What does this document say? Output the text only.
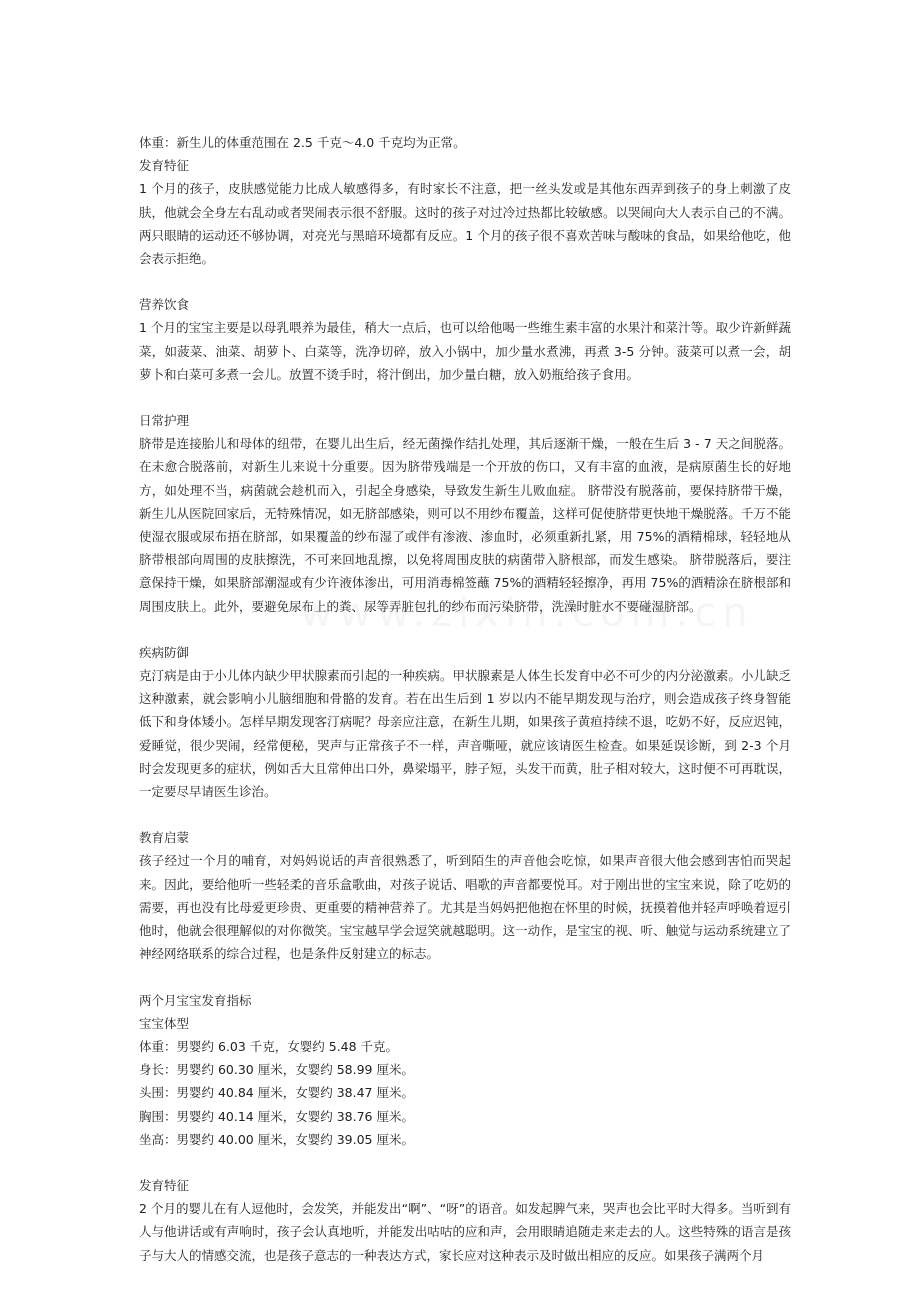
体重：新生儿的体重范围在 2.5 千克～4.0 千克均为正常。

发育特征

1 个月的孩子，皮肤感觉能力比成人敏感得多，有时家长不注意，把一丝头发或是其他东西弄到孩子的身上刺激了皮肤，他就会全身左右乱动或者哭闹表示很不舒服。这时的孩子对过冷过热都比较敏感。以哭闹向大人表示自己的不满。两只眼睛的运动还不够协调，对亮光与黑暗环境都有反应。1 个月的孩子很不喜欢苦味与酸味的食品，如果给他吃，他会表示拒绝。

营养饮食

1 个月的宝宝主要是以母乳喂养为最佳，稍大一点后，也可以给他喝一些维生素丰富的水果汁和菜汁等。取少许新鲜蔬菜，如菠菜、油菜、胡萝卜、白菜等，洗净切碎，放入小锅中，加少量水煮沸，再煮 3-5 分钟。菠菜可以煮一会，胡萝卜和白菜可多煮一会儿。放置不烫手时，将汁倒出，加少量白糖，放入奶瓶给孩子食用。

日常护理

脐带是连接胎儿和母体的纽带，在婴儿出生后，经无菌操作结扎处理，其后逐渐干燥，一般在生后 3 - 7 天之间脱落。在未愈合脱落前，对新生儿来说十分重要。因为脐带残端是一个开放的伤口，又有丰富的血液，是病原菌生长的好地方，如处理不当，病菌就会趁机而入，引起全身感染，导致发生新生儿败血症。 脐带没有脱落前，要保持脐带干燥，新生儿从医院回家后，无特殊情况，如无脐部感染，则可以不用纱布覆盖，这样可促使脐带更快地干燥脱落。千万不能使湿衣服或尿布捂在脐部，如果覆盖的纱布湿了或伴有渗液、渗血时，必须重新扎紧，用 75%的酒精棉球，轻轻地从脐带根部向周围的皮肤擦洗，不可来回地乱擦，以免将周围皮肤的病菌带入脐根部，而发生感染。 脐带脱落后，要注意保持干燥，如果脐部潮湿或有少许液体渗出，可用消毒棉签蘸 75%的酒精轻轻擦净，再用 75%的酒精涂在脐根部和周围皮肤上。此外，要避免尿布上的粪、尿等弄脏包扎的纱布而污染脐带，洗澡时脏水不要碰湿脐部。

疾病防御

克汀病是由于小儿体内缺少甲状腺素而引起的一种疾病。甲状腺素是人体生长发育中必不可少的内分泌激素。小儿缺乏这种激素，就会影响小儿脑细胞和骨骼的发育。若在出生后到 1 岁以内不能早期发现与治疗，则会造成孩子终身智能低下和身体矮小。怎样早期发现客汀病呢？母亲应注意，在新生儿期，如果孩子黄疸持续不退，吃奶不好，反应迟钝，爱睡觉，很少哭闹，经常便秘，哭声与正常孩子不一样，声音嘶哑，就应该请医生检查。如果延误诊断，到 2-3 个月时会发现更多的症状，例如舌大且常伸出口外，鼻梁塌平，脖子短，头发干而黄，肚子相对较大，这时便不可再耽误，一定要尽早请医生诊治。

教育启蒙

孩子经过一个月的哺育，对妈妈说话的声音很熟悉了，听到陌生的声音他会吃惊，如果声音很大他会感到害怕而哭起来。因此，要给他听一些轻柔的音乐盒歌曲，对孩子说话、唱歌的声音都要悦耳。对于刚出世的宝宝来说，除了吃奶的需要，再也没有比母爱更珍贵、更重要的精神营养了。尤其是当妈妈把他抱在怀里的时候，抚摸着他并轻声呼唤着逗引他时，他就会很理解似的对你微笑。宝宝越早学会逗笑就越聪明。这一动作，是宝宝的视、听、触觉与运动系统建立了神经网络联系的综合过程，也是条件反射建立的标志。

两个月宝宝发育指标

宝宝体型

体重：男婴约 6.03 千克，女婴约 5.48 千克。

身长：男婴约 60.30 厘米，女婴约 58.99 厘米。

头围：男婴约 40.84 厘米，女婴约 38.47 厘米。

胸围：男婴约 40.14 厘米，女婴约 38.76 厘米。

坐高：男婴约 40.00 厘米，女婴约 39.05 厘米。

发育特征

2 个月的婴儿在有人逗他时，会发笑，并能发出“啊”、“呀”的语音。如发起脾气来，哭声也会比平时大得多。当听到有人与他讲话或有声响时，孩子会认真地听，并能发出咕咕的应和声，会用眼睛追随走来走去的人。这些特殊的语言是孩子与大人的情感交流，也是孩子意志的一种表达方式，家长应对这种表示及时做出相应的反应。如果孩子满两个月
